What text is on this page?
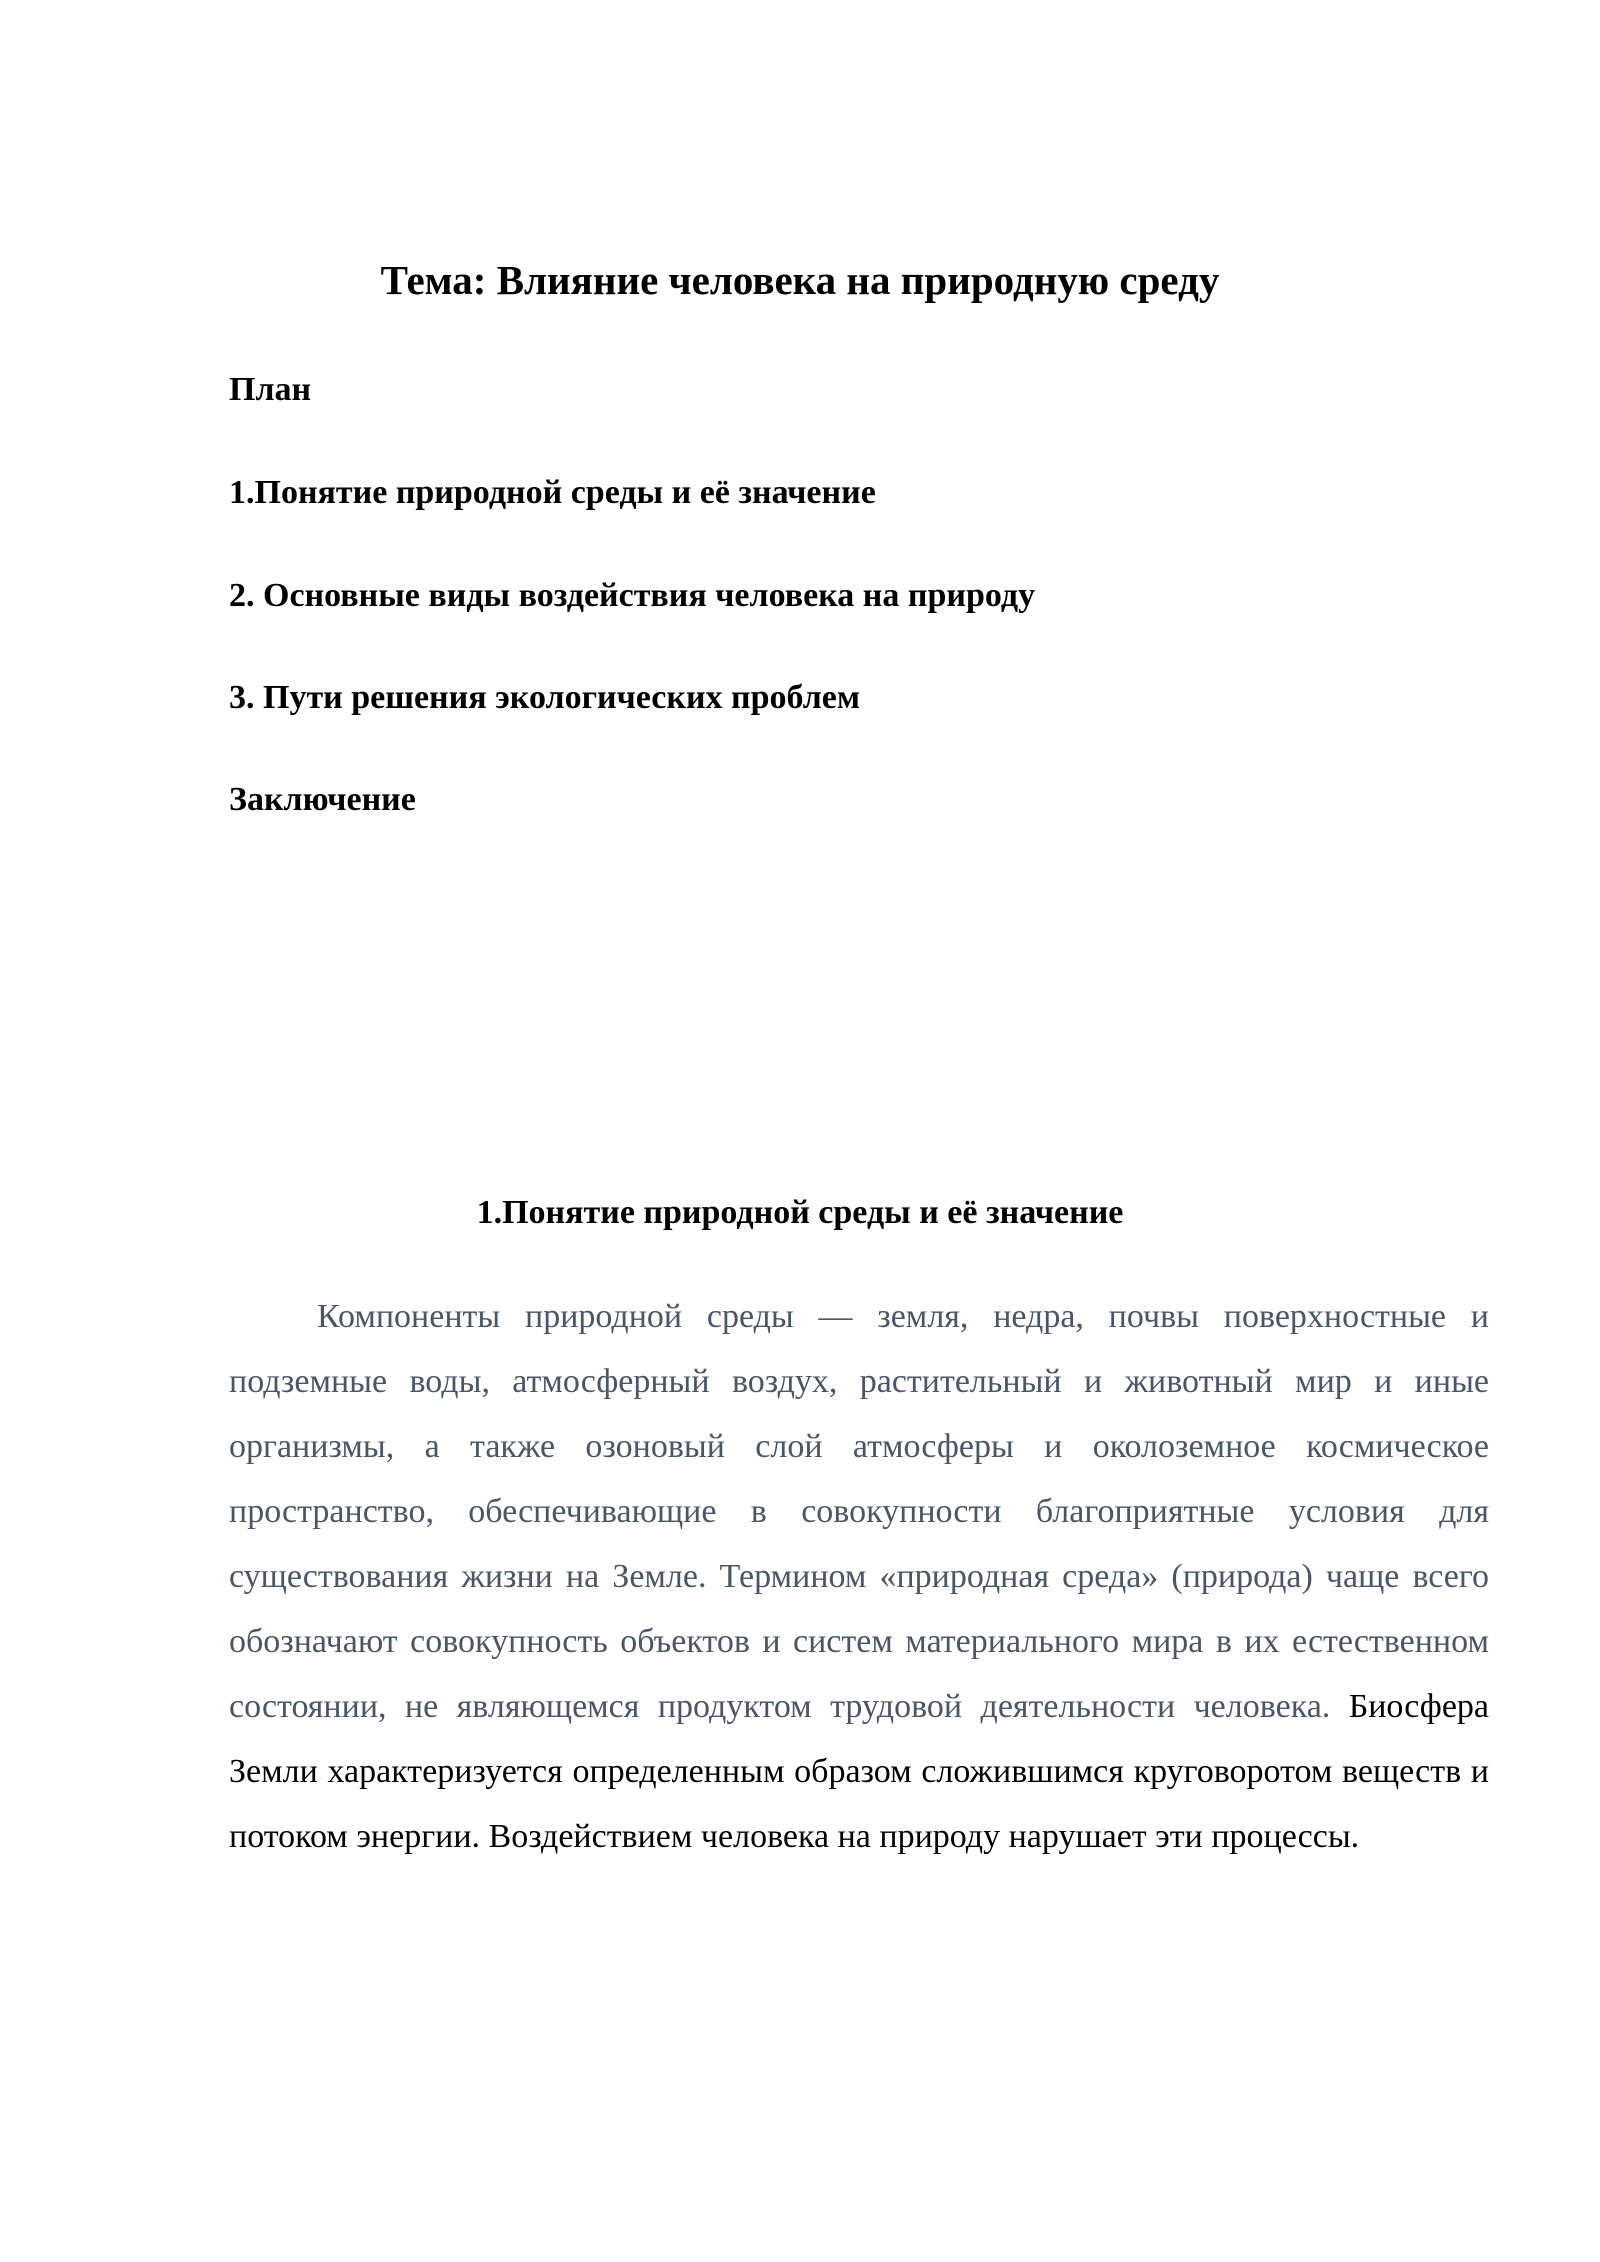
Тема: Влияние человека на природную среду

План

1.Понятие природной среды и её значение

2. Основные виды воздействия человека на природу

3. Пути решения экологических проблем

Заключение

1.Понятие природной среды и её значение

Компоненты природной среды — земля, недра, почвы поверхностные и подземные воды, атмосферный воздух, растительный и животный мир и иные организмы, а также озоновый слой атмосферы и околоземное космическое пространство, обеспечивающие в совокупности благоприятные условия для существования жизни на Земле. Термином «природная среда» (природа) чаще всего обозначают совокупность объектов и систем материального мира в их естественном состоянии, не являющемся продуктом трудовой деятельности человека. Биосфера Земли характеризуется определенным образом сложившимся круговоротом веществ и потоком энергии. Воздействием человека на природу нарушает эти процессы.
